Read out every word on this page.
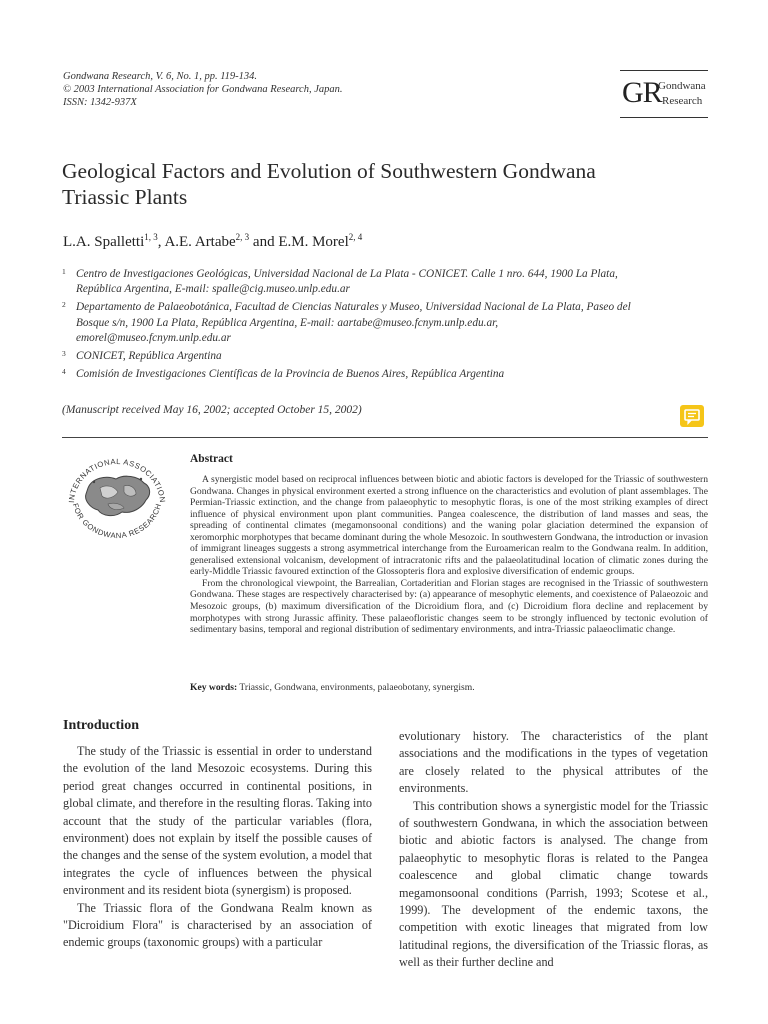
Gondwana Research, V. 6, No. 1, pp. 119-134.
© 2003 International Association for Gondwana Research, Japan.
ISSN: 1342-937X	GR
Gondwana
Research
Geological Factors and Evolution of Southwestern Gondwana
Triassic Plants
L.A. Spalletti$^{1, 3}$, A.E. Artabe$^{2, 3}$ and E.M. Morel$^{2, 4}$
1 Centro de Investigaciones Geológicas, Universidad Nacional de La Plata - CONICET. Calle 1 nro. 644, 1900 La Plata,
República Argentina, E-mail: spalle@cig.museo.unlp.edu.ar
2 Departamento de Palaeobotánica, Facultad de Ciencias Naturales y Museo, Universidad Nacional de La Plata, Paseo del
Bosque s/n, 1900 La Plata, República Argentina, E-mail: aartabe@museo.fcnym.unlp.edu.ar,
emorel@museo.fcnym.unlp.edu.ar
3 CONICET, República Argentina
4 Comisión de Investigaciones Científicas de la Provincia de Buenos Aires, República Argentina
(Manuscript received May 16, 2002; accepted October 15, 2002)
INTERNATIONAL ASSOCIATION
FOR GONDWANA RESEARCH
Abstract

A synergistic model based on reciprocal influences between biotic and abiotic factors is developed for the Triassic of southwestern Gondwana. Changes in physical environment exerted a strong influence on the characteristics and evolution of plant assemblages. The Permian-Triassic extinction, and the change from palaeophytic to mesophytic floras, is one of the most striking examples of direct influence of physical environment upon plant communities. Pangea coalescence, the distribution of land masses and seas, the spreading of continental climates (megamonsoonal conditions) and the waning polar glaciation determined the expansion of xeromorphic morphotypes that became dominant during the whole Mesozoic. In southwestern Gondwana, the introduction or invasion of immigrant lineages suggests a strong asymmetrical interchange from the Euroamerican realm to the Gondwana realm. In addition, generalised extensional volcanism, development of intracratonic rifts and the palaeolatitudinal location of climatic zones during the early-Middle Triassic favoured extinction of the Glossopteris flora and explosive diversification of endemic groups.

From the chronological viewpoint, the Barrealian, Cortaderitian and Florian stages are recognised in the Triassic of southwestern Gondwana. These stages are respectively characterised by: (a) appearance of mesophytic elements, and coexistence of Palaeozoic and Mesozoic groups, (b) maximum diversification of the Dicroidium flora, and (c) Dicroidium flora decline and replacement by morphotypes with strong Jurassic affinity. These palaeofloristic changes seem to be strongly influenced by tectonic evolution of sedimentary basins, temporal and regional distribution of sedimentary environments, and intra-Triassic palaeoclimatic change.

Key words: Triassic, Gondwana, environments, palaeobotany, synergism.
Introduction

The study of the Triassic is essential in order to understand the evolution of the land Mesozoic ecosystems. During this period great changes occurred in continental positions, in global climate, and therefore in the resulting floras. Taking into account that the study of the particular variables (flora, environment) does not explain by itself the possible causes of the changes and the sense of the system evolution, a model that integrates the cycle of influences between the physical environment and its resident biota (synergism) is proposed.

The Triassic flora of the Gondwana Realm known as "Dicroidium Flora" is characterised by an association of endemic groups (taxonomic groups) with a particular

evolutionary history. The characteristics of the plant associations and the modifications in the types of vegetation are closely related to the physical attributes of the environments.

This contribution shows a synergistic model for the Triassic of southwestern Gondwana, in which the association between biotic and abiotic factors is analysed. The change from palaeophytic to mesophytic floras is related to the Pangea coalescence and global climatic change towards megamonsoonal conditions (Parrish, 1993; Scotese et al., 1999). The development of the endemic taxons, the competition with exotic lineages that migrated from low latitudinal regions, the diversification of the Triassic floras, as well as their further decline and
